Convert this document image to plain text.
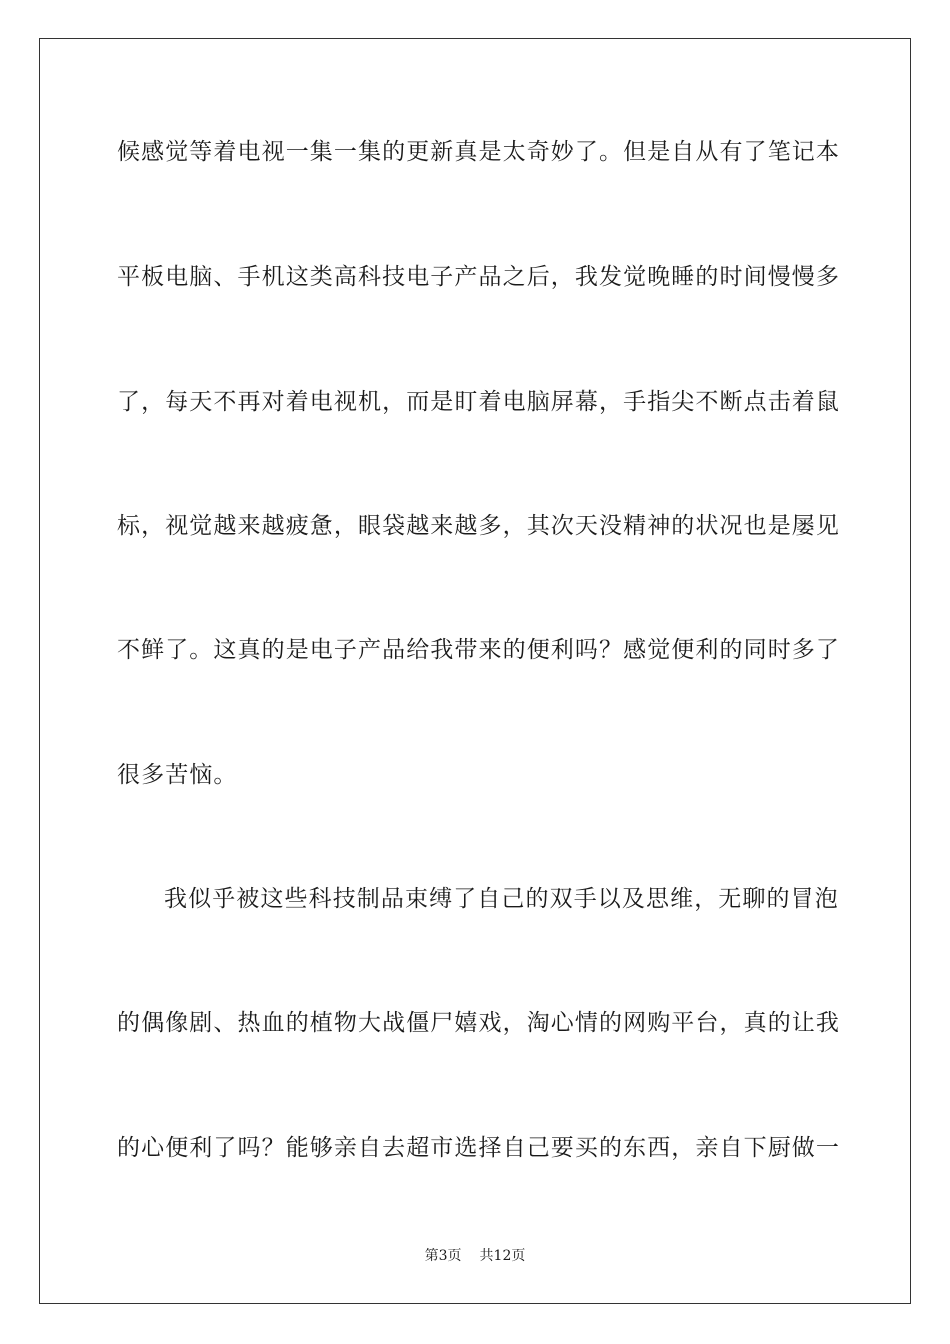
候感觉等着电视一集一集的更新真是太奇妙了。但是自从有了笔记本
平板电脑、手机这类高科技电子产品之后，我发觉晚睡的时间慢慢多
了，每天不再对着电视机，而是盯着电脑屏幕，手指尖不断点击着鼠
标，视觉越来越疲惫，眼袋越来越多，其次天没精神的状况也是屡见
不鲜了。这真的是电子产品给我带来的便利吗？感觉便利的同时多了
很多苦恼。
我似乎被这些科技制品束缚了自己的双手以及思维，无聊的冒泡
的偶像剧、热血的植物大战僵尸嬉戏，淘心情的网购平台，真的让我
的心便利了吗？能够亲自去超市选择自己要买的东西，亲自下厨做一
第3页 共12页
